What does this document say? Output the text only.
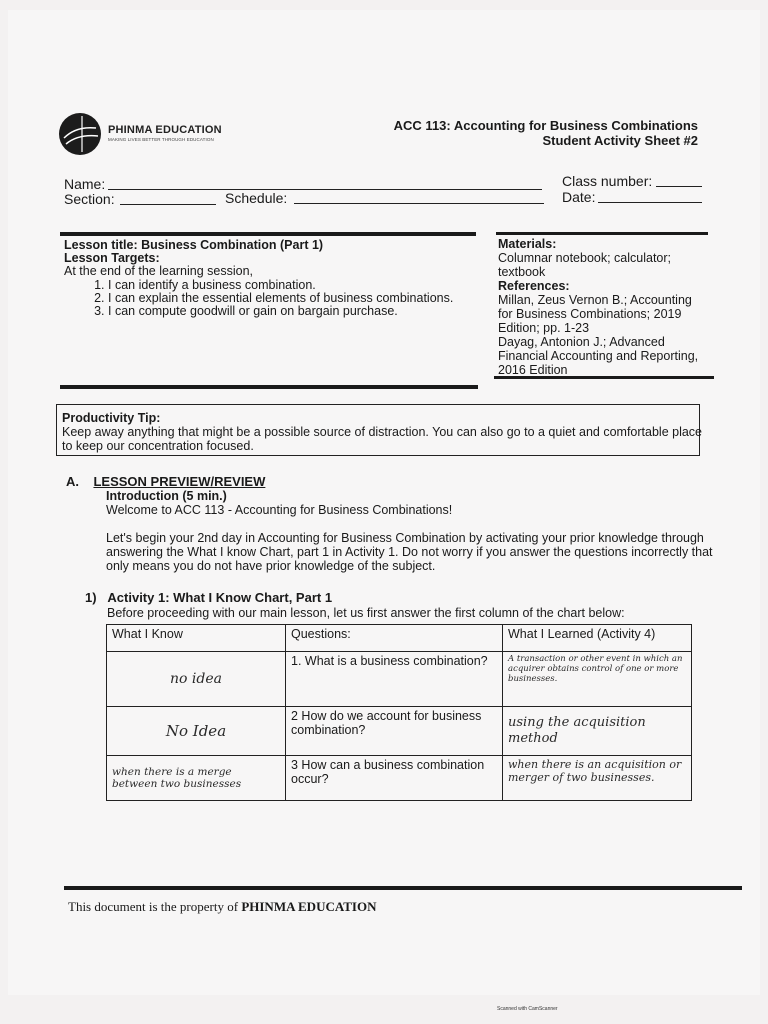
PHINMA EDUCATION
MAKING LIVES BETTER THROUGH EDUCATION
ACC 113: Accounting for Business Combinations
Student Activity Sheet #2
Name:	Class number:
Section:	Schedule:	Date:
Lesson title: Business Combination (Part 1)
Lesson Targets:
At the end of the learning session,
1. I can identify a business combination.
2. I can explain the essential elements of business combinations.
3. I can compute goodwill or gain on bargain purchase.
Materials:
Columnar notebook; calculator; textbook
References:
Millan, Zeus Vernon B.; Accounting for Business Combinations; 2019 Edition; pp. 1-23
Dayag, Antonion J.; Advanced Financial Accounting and Reporting, 2016 Edition
Productivity Tip:
Keep away anything that might be a possible source of distraction. You can also go to a quiet and comfortable place to keep our concentration focused.
A. LESSON PREVIEW/REVIEW
Introduction (5 min.)
Welcome to ACC 113 - Accounting for Business Combinations!
Let's begin your 2nd day in Accounting for Business Combination by activating your prior knowledge through answering the What I know Chart, part 1 in Activity 1. Do not worry if you answer the questions incorrectly that only means you do not have prior knowledge of the subject.
1) Activity 1: What I Know Chart, Part 1
Before proceeding with our main lesson, let us first answer the first column of the chart below:
What I Know	Questions:	What I Learned (Activity 4)
no idea	1. What is a business combination?	A transaction or other event in which an acquirer obtains control of one or more businesses.

No Idea	2 How do we account for business combination?	using the acquisition method

when there is a merge between two businesses	3 How can a business combination occur?	when there is an acquisition or merger of two businesses.
This document is the property of PHINMA EDUCATION
Scanned with CamScanner
